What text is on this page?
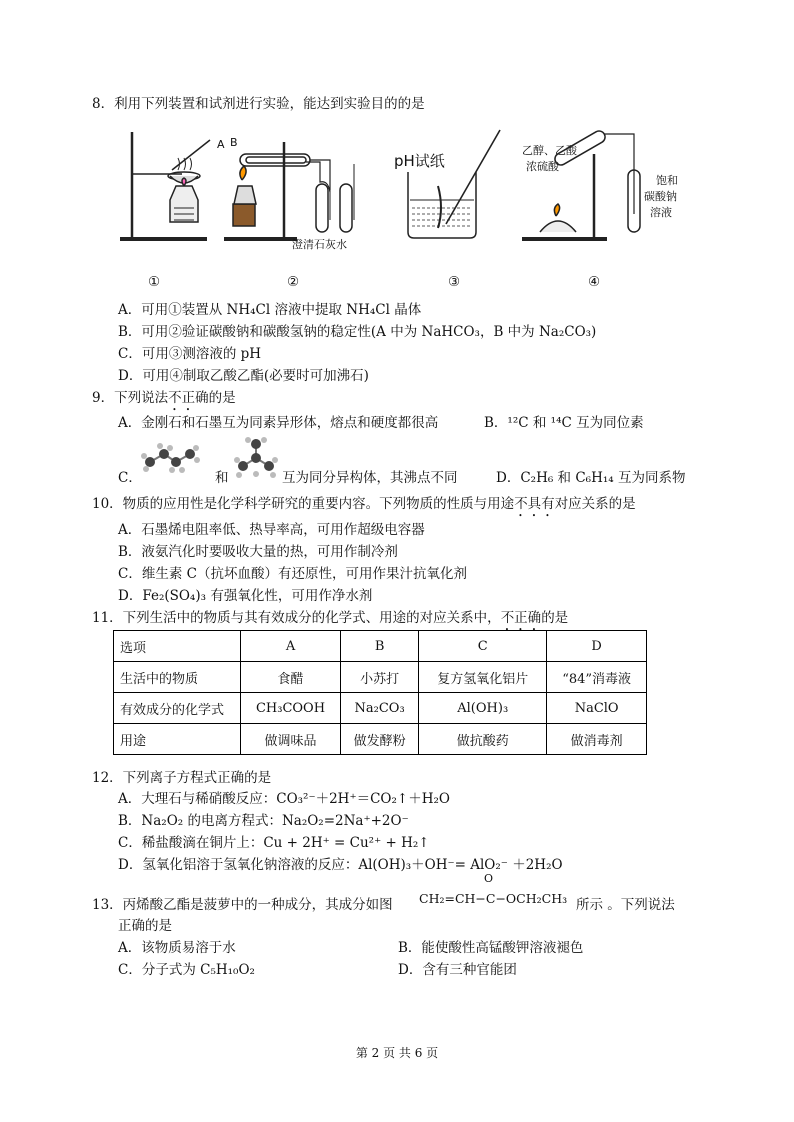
8．利用下列装置和试剂进行实验，能达到实验目的的是
A B
澄清石灰水
pH试纸
乙醇、乙酸
浓硫酸
饱和
碳酸钠
溶液
①	②	③	④
A．可用①装置从 NH₄Cl 溶液中提取 NH₄Cl 晶体
B．可用②验证碳酸钠和碳酸氢钠的稳定性(A 中为 NaHCO₃，B 中为 Na₂CO₃)
C．可用③测溶液的 pH
D．可用④制取乙酸乙酯(必要时可加沸石)
9．下列说法不正确的是
A．金刚石和石墨互为同素异形体，熔点和硬度都很高	B．¹²C 和 ¹⁴C 互为同位素
C．	和	互为同分异构体，其沸点不同	D．C₂H₆ 和 C₆H₁₄ 互为同系物
10．物质的应用性是化学科学研究的重要内容。下列物质的性质与用途不具有对应关系的是
A．石墨烯电阻率低、热导率高，可用作超级电容器
B．液氨汽化时要吸收大量的热，可用作制冷剂
C．维生素 C（抗坏血酸）有还原性，可用作果汁抗氧化剂
D．Fe₂(SO₄)₃ 有强氧化性，可用作净水剂
11．下列生活中的物质与其有效成分的化学式、用途的对应关系中，不正确的是
选项	A	B	C	D
生活中的物质	食醋	小苏打	复方氢氧化铝片	“84”消毒液
有效成分的化学式	CH₃COOH	Na₂CO₃	Al(OH)₃	NaClO
用途	做调味品	做发酵粉	做抗酸药	做消毒剂
12．下列离子方程式正确的是
A．大理石与稀硝酸反应：CO₃²⁻＋2H⁺＝CO₂↑＋H₂O
B．Na₂O₂ 的电离方程式：Na₂O₂=2Na⁺+2O⁻
C．稀盐酸滴在铜片上：Cu + 2H⁺ = Cu²⁺ + H₂↑
D．氢氧化铝溶于氢氧化钠溶液的反应：Al(OH)₃＋OH⁻= AlO₂⁻ ＋2H₂O
13．丙烯酸乙酯是菠萝中的一种成分，其成分如图
O
CH₂=CH−C−OCH₂CH₃ 所示 。下列说法
正确的是
A．该物质易溶于水	B．能使酸性高锰酸钾溶液褪色
C．分子式为 C₅H₁₀O₂	D．含有三种官能团
第 2 页 共 6 页
